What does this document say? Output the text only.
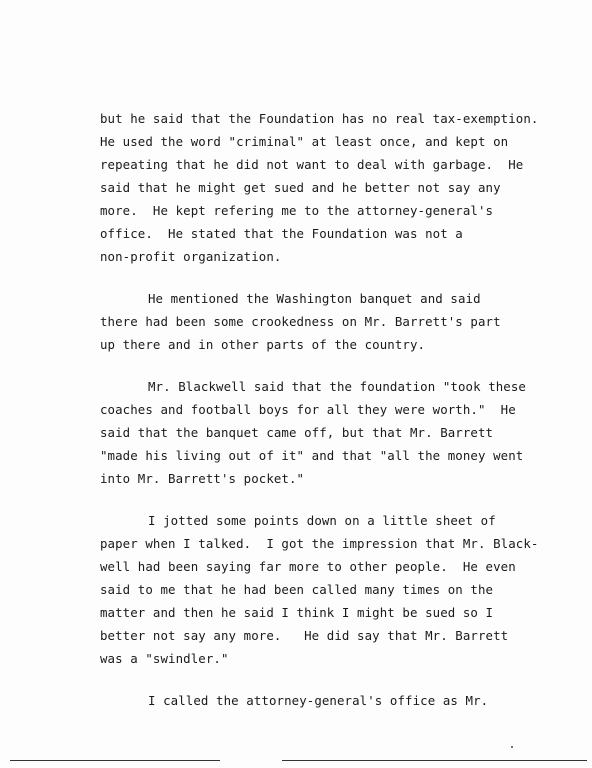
but he said that the Foundation has no real tax-exemption.
He used the word "criminal" at least once, and kept on
repeating that he did not want to deal with garbage.  He
said that he might get sued and he better not say any
more.  He kept refering me to the attorney-general's
office.  He stated that the Foundation was not a
non-profit organization.
He mentioned the Washington banquet and said
there had been some crookedness on Mr. Barrett's part
up there and in other parts of the country.
Mr. Blackwell said that the foundation "took these
coaches and football boys for all they were worth."  He
said that the banquet came off, but that Mr. Barrett
"made his living out of it" and that "all the money went
into Mr. Barrett's pocket."
I jotted some points down on a little sheet of
paper when I talked.  I got the impression that Mr. Black-
well had been saying far more to other people.  He even
said to me that he had been called many times on the
matter and then he said I think I might be sued so I
better not say any more.   He did say that Mr. Barrett
was a "swindler."
I called the attorney-general's office as Mr.
